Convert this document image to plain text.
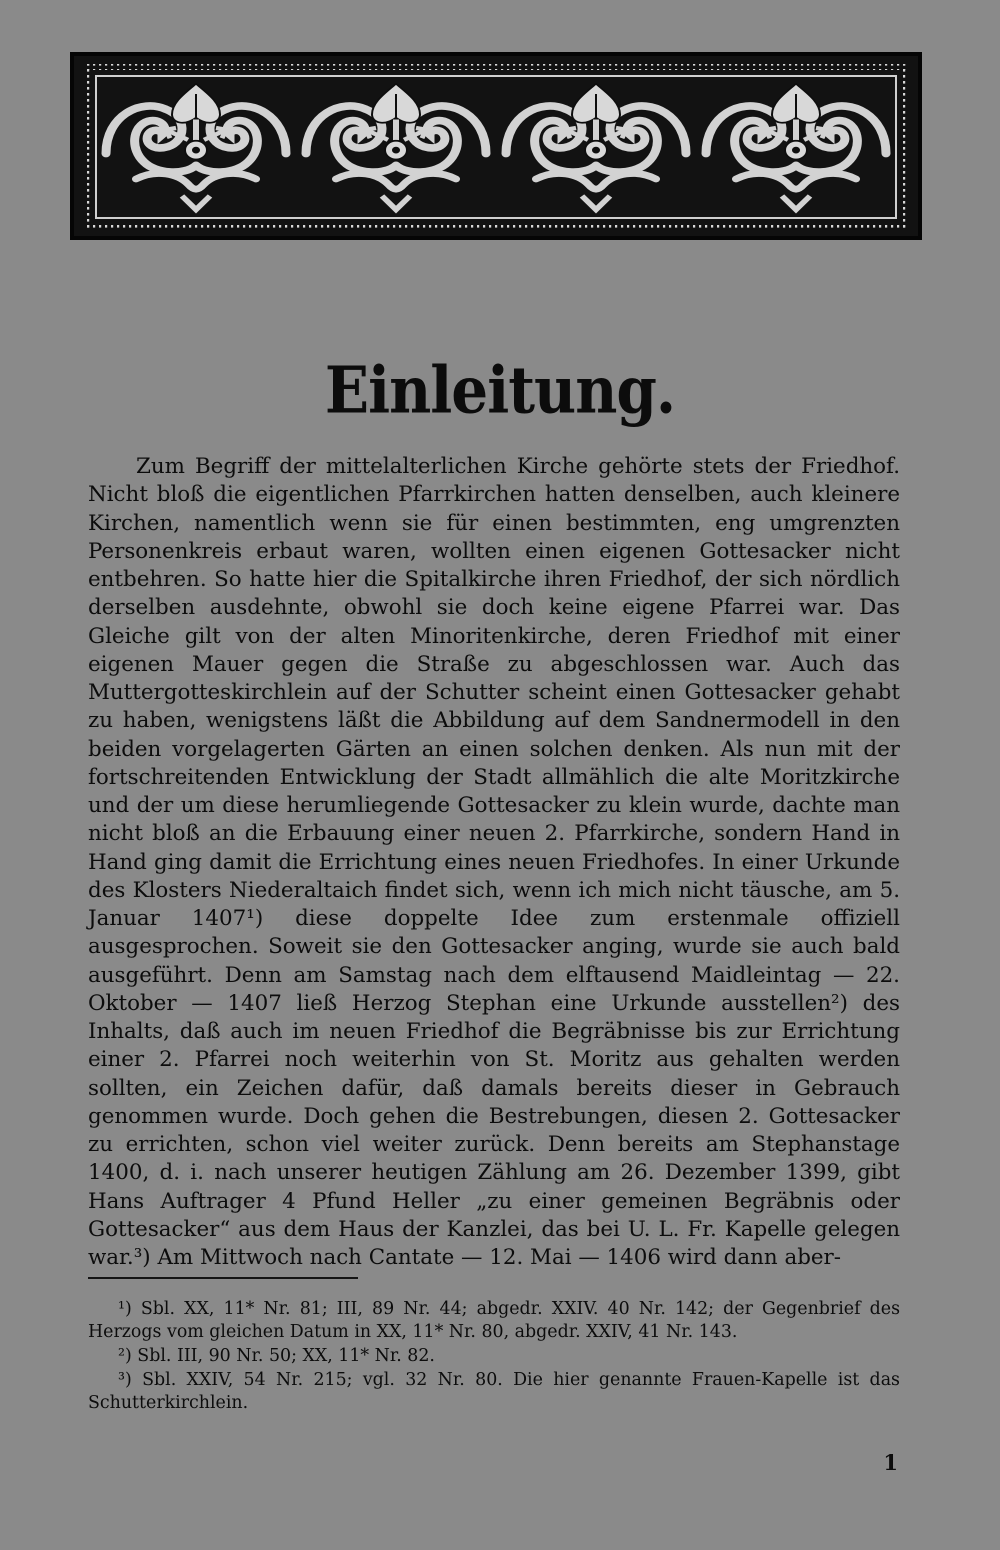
Einleitung.

Zum Begriff der mittelalterlichen Kirche gehörte stets der Friedhof. Nicht bloß die eigentlichen Pfarrkirchen hatten denselben, auch kleinere Kirchen, namentlich wenn sie für einen bestimmten, eng umgrenzten Personenkreis erbaut waren, wollten einen eigenen Gottesacker nicht entbehren. So hatte hier die Spitalkirche ihren Friedhof, der sich nördlich derselben ausdehnte, obwohl sie doch keine eigene Pfarrei war. Das Gleiche gilt von der alten Minoritenkirche, deren Friedhof mit einer eigenen Mauer gegen die Straße zu abgeschlossen war. Auch das Muttergotteskirchlein auf der Schutter scheint einen Gottesacker gehabt zu haben, wenigstens läßt die Abbildung auf dem Sandnermodell in den beiden vorgelagerten Gärten an einen solchen denken. Als nun mit der fortschreitenden Entwicklung der Stadt allmählich die alte Moritzkirche und der um diese herumliegende Gottesacker zu klein wurde, dachte man nicht bloß an die Erbauung einer neuen 2. Pfarrkirche, sondern Hand in Hand ging damit die Errichtung eines neuen Friedhofes. In einer Urkunde des Klosters Niederaltaich findet sich, wenn ich mich nicht täusche, am 5. Januar 1407¹) diese doppelte Idee zum erstenmale offiziell ausgesprochen. Soweit sie den Gottesacker anging, wurde sie auch bald ausgeführt. Denn am Samstag nach dem elftausend Maidleintag — 22. Oktober — 1407 ließ Herzog Stephan eine Urkunde ausstellen²) des Inhalts, daß auch im neuen Friedhof die Begräbnisse bis zur Errichtung einer 2. Pfarrei noch weiterhin von St. Moritz aus gehalten werden sollten, ein Zeichen dafür, daß damals bereits dieser in Gebrauch genommen wurde. Doch gehen die Bestrebungen, diesen 2. Gottesacker zu errichten, schon viel weiter zurück. Denn bereits am Stephanstage 1400, d. i. nach unserer heutigen Zählung am 26. Dezember 1399, gibt Hans Auftrager 4 Pfund Heller „zu einer gemeinen Begräbnis oder Gottesacker“ aus dem Haus der Kanzlei, das bei U. L. Fr. Kapelle gelegen war.³) Am Mittwoch nach Cantate — 12. Mai — 1406 wird dann aber-

¹) Sbl. XX, 11* Nr. 81; III, 89 Nr. 44; abgedr. XXIV. 40 Nr. 142; der Gegenbrief des Herzogs vom gleichen Datum in XX, 11* Nr. 80, abgedr. XXIV, 41 Nr. 143.

²) Sbl. III, 90 Nr. 50; XX, 11* Nr. 82.

³) Sbl. XXIV, 54 Nr. 215; vgl. 32 Nr. 80. Die hier genannte Frauen-Kapelle ist das Schutterkirchlein.

1
